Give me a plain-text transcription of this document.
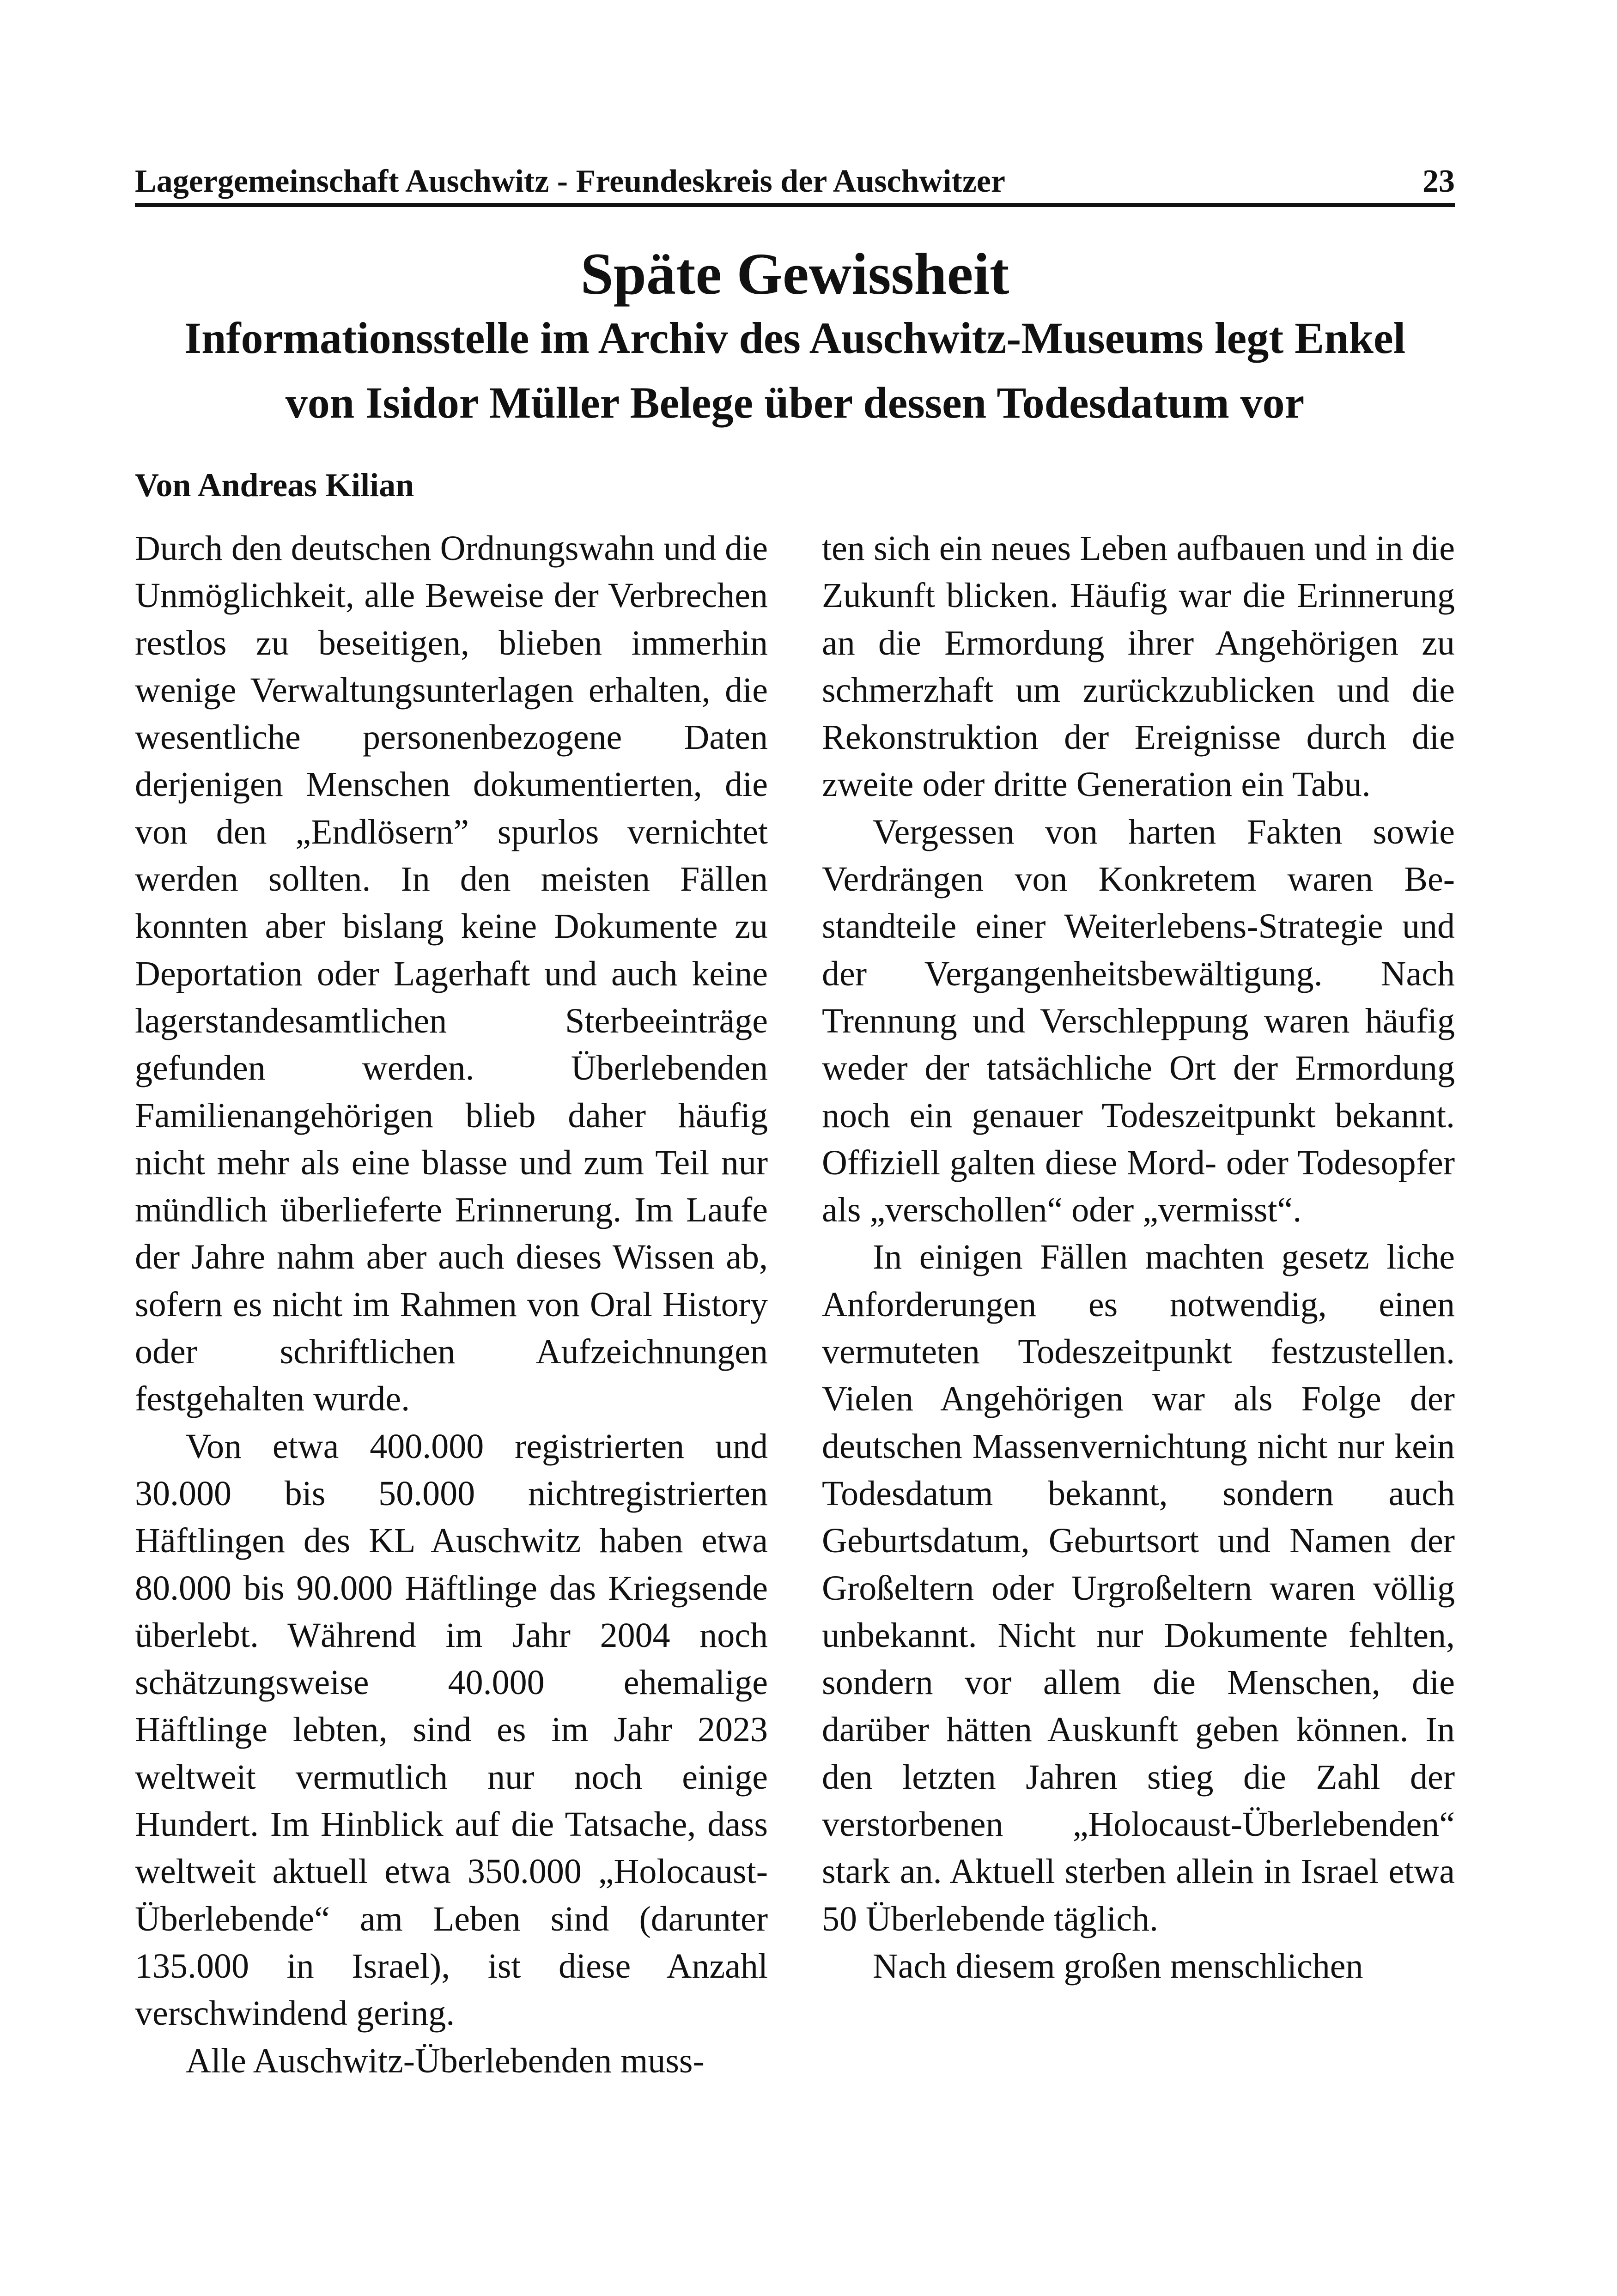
Lagergemeinschaft Auschwitz - Freundeskreis der Auschwitzer	23
Späte Gewissheit
Informationsstelle im Archiv des Auschwitz-Museums legt Enkel
von Isidor Müller Belege über dessen Todesdatum vor
Von Andreas Kilian

Durch den deutschen Ordnungswahn und die Unmöglichkeit, alle Beweise der Verbrechen restlos zu beseitigen, blieben immerhin wenige Verwaltungsunterlagen erhalten, die wesentliche personenbezogene Daten derjenigen Menschen dokumentierten, die von den „Endlösern” spurlos vernichtet werden sollten. In den meisten Fällen konnten aber bislang keine Dokumente zu Deportation oder Lagerhaft und auch keine lagerstandesamtlichen Sterbeeinträge gefunden werden. Überlebenden Familienangehörigen blieb daher häufig nicht mehr als eine blasse und zum Teil nur mündlich überlieferte Erinnerung. Im Laufe der Jahre nahm aber auch dieses Wissen ab, sofern es nicht im Rahmen von Oral History oder schriftlichen Aufzeichnungen festgehalten wurde.

Von etwa 400.000 registrierten und 30.000 bis 50.000 nichtregistrierten Häftlingen des KL Auschwitz haben etwa 80.000 bis 90.000 Häftlinge das Kriegsende überlebt. Während im Jahr 2004 noch schätzungsweise 40.000 ehemalige Häftlinge lebten, sind es im Jahr 2023 weltweit vermutlich nur noch einige Hundert. Im Hinblick auf die Tatsache, dass weltweit aktuell etwa 350.000 „Holocaust-Überlebende“ am Leben sind (darunter 135.000 in Israel), ist diese Anzahl verschwindend gering.

Alle Auschwitz-Überlebenden muss-

ten sich ein neues Leben aufbauen und in die Zukunft blicken. Häufig war die Erinnerung an die Ermordung ihrer Angehörigen zu schmerzhaft um zurückzublicken und die Rekonstruktion der Ereignisse durch die zweite oder dritte Generation ein Tabu.

Vergessen von harten Fakten sowie Verdrängen von Konkretem waren Bestandteile einer Weiterlebens-Strategie und der Vergangenheitsbewältigung. Nach Trennung und Verschleppung waren häufig weder der tatsächliche Ort der Ermordung noch ein genauer Todeszeitpunkt bekannt. Offiziell galten diese Mord- oder Todesopfer als „verschollen“ oder „vermisst“.

In einigen Fällen machten gesetz liche Anforderungen es notwendig, einen vermuteten Todeszeitpunkt festzustellen. Vielen Angehörigen war als Folge der deutschen Massenvernichtung nicht nur kein Todesdatum bekannt, sondern auch Geburtsdatum, Geburtsort und Namen der Großeltern oder Urgroßeltern waren völlig unbekannt. Nicht nur Dokumente fehlten, sondern vor allem die Menschen, die darüber hätten Auskunft geben können. In den letzten Jahren stieg die Zahl der verstorbenen „Holocaust-Überlebenden“ stark an. Aktuell sterben allein in Israel etwa 50 Überlebende täglich.

Nach diesem großen menschlichen
